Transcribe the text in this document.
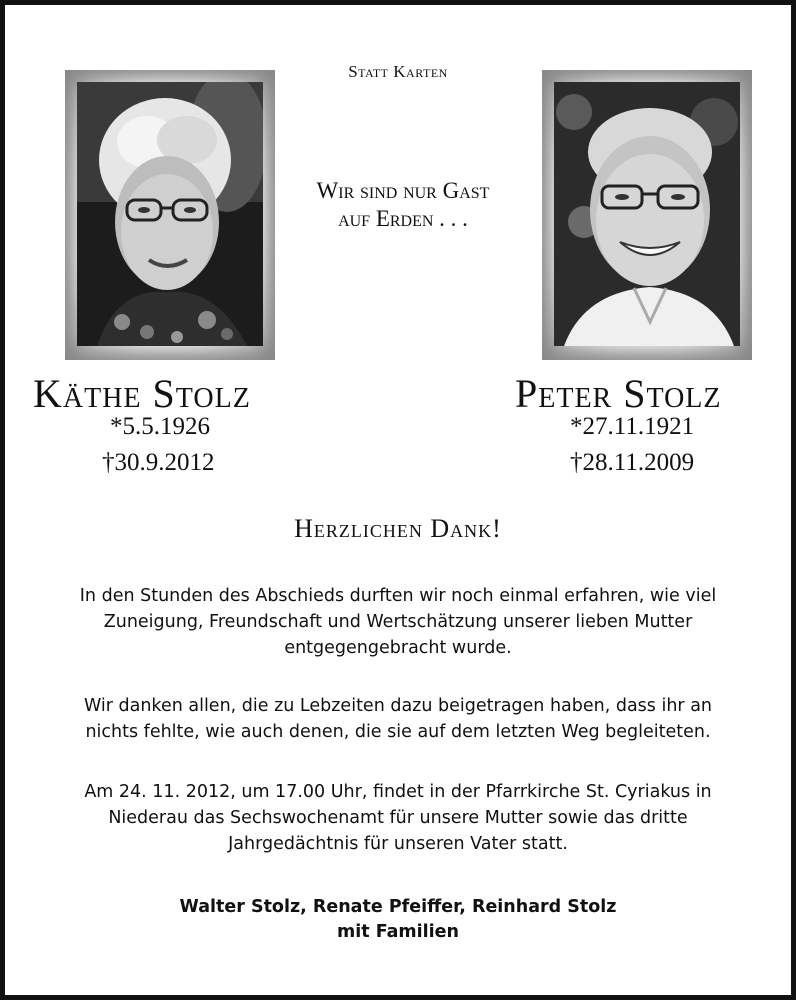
Statt Karten
Wir sind nur Gast
auf Erden . . .
Käthe Stolz
*5.5.1926
†30.9.2012
Peter Stolz
*27.11.1921
†28.11.2009
Herzlichen Dank!
In den Stunden des Abschieds durften wir noch einmal erfahren, wie viel
Zuneigung, Freundschaft und Wertschätzung unserer lieben Mutter
entgegengebracht wurde.
Wir danken allen, die zu Lebzeiten dazu beigetragen haben, dass ihr an
nichts fehlte, wie auch denen, die sie auf dem letzten Weg begleiteten.
Am 24. 11. 2012, um 17.00 Uhr, findet in der Pfarrkirche St. Cyriakus in
Niederau das Sechswochenamt für unsere Mutter sowie das dritte
Jahrgedächtnis für unseren Vater statt.
Walter Stolz, Renate Pfeiffer, Reinhard Stolz
mit Familien
